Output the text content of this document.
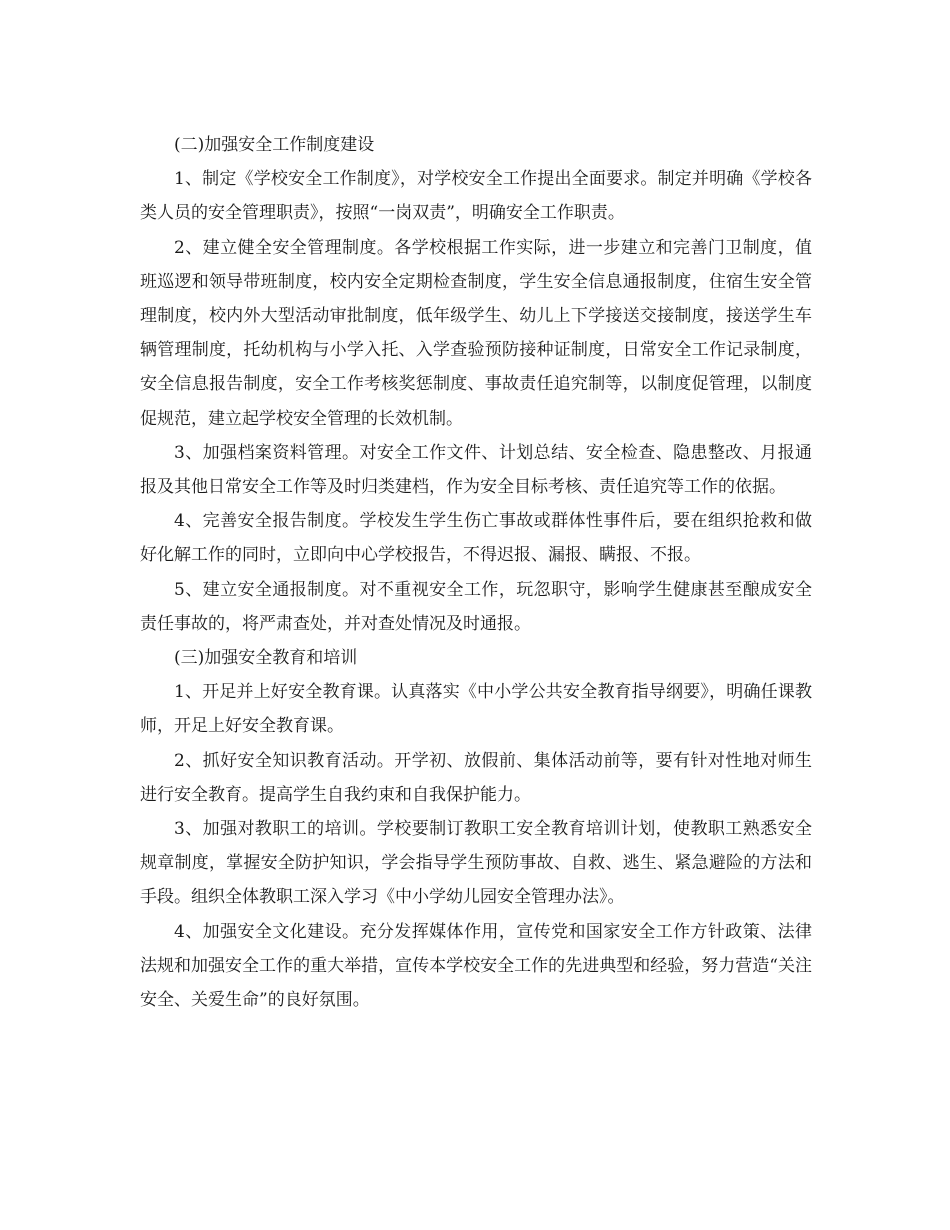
(二)加强安全工作制度建设

1、制定《学校安全工作制度》，对学校安全工作提出全面要求。制定并明确《学校各类人员的安全管理职责》，按照“一岗双责”，明确安全工作职责。

2、建立健全安全管理制度。各学校根据工作实际，进一步建立和完善门卫制度，值班巡逻和领导带班制度，校内安全定期检查制度，学生安全信息通报制度，住宿生安全管理制度，校内外大型活动审批制度，低年级学生、幼儿上下学接送交接制度，接送学生车辆管理制度，托幼机构与小学入托、入学查验预防接种证制度，日常安全工作记录制度，安全信息报告制度，安全工作考核奖惩制度、事故责任追究制等，以制度促管理，以制度促规范，建立起学校安全管理的长效机制。

3、加强档案资料管理。对安全工作文件、计划总结、安全检查、隐患整改、月报通报及其他日常安全工作等及时归类建档，作为安全目标考核、责任追究等工作的依据。

4、完善安全报告制度。学校发生学生伤亡事故或群体性事件后，要在组织抢救和做好化解工作的同时，立即向中心学校报告，不得迟报、漏报、瞒报、不报。

5、建立安全通报制度。对不重视安全工作，玩忽职守，影响学生健康甚至酿成安全责任事故的，将严肃查处，并对查处情况及时通报。

(三)加强安全教育和培训

1、开足并上好安全教育课。认真落实《中小学公共安全教育指导纲要》，明确任课教师，开足上好安全教育课。

2、抓好安全知识教育活动。开学初、放假前、集体活动前等，要有针对性地对师生进行安全教育。提高学生自我约束和自我保护能力。

3、加强对教职工的培训。学校要制订教职工安全教育培训计划，使教职工熟悉安全规章制度，掌握安全防护知识，学会指导学生预防事故、自救、逃生、紧急避险的方法和手段。组织全体教职工深入学习《中小学幼儿园安全管理办法》。

4、加强安全文化建设。充分发挥媒体作用，宣传党和国家安全工作方针政策、法律法规和加强安全工作的重大举措，宣传本学校安全工作的先进典型和经验，努力营造“关注安全、关爱生命”的良好氛围。
